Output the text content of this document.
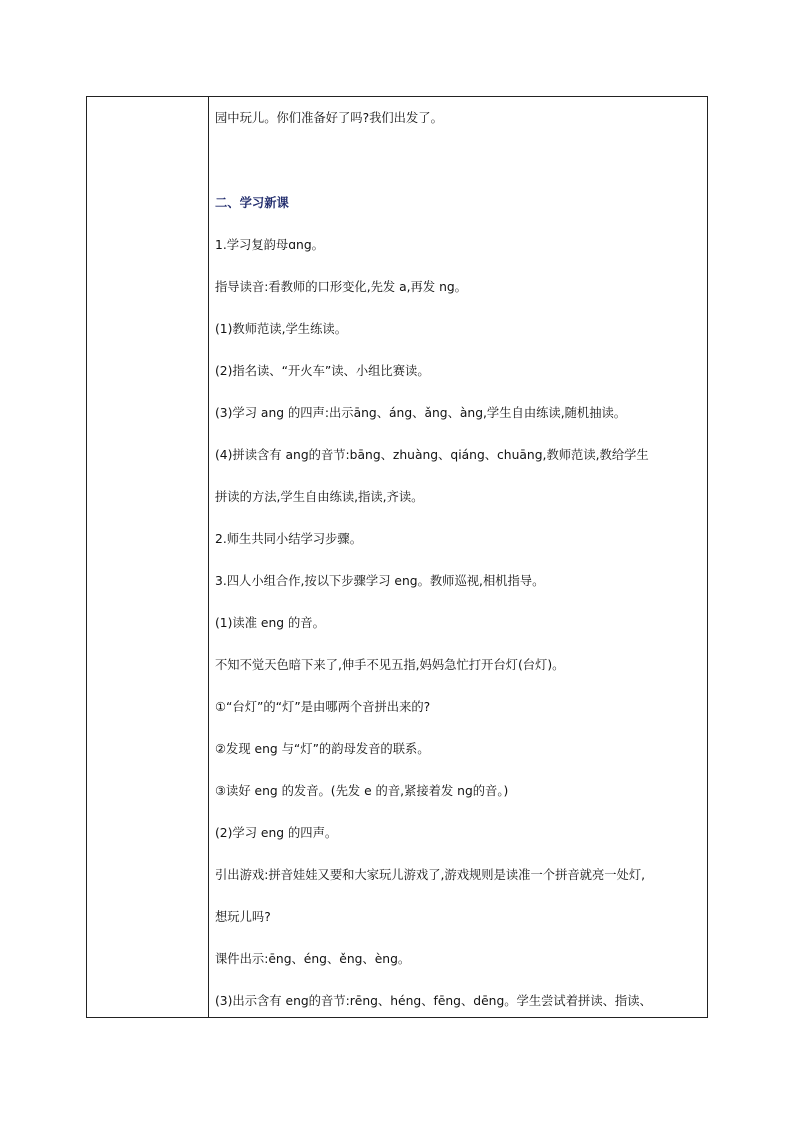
园中玩儿。你们准备好了吗?我们出发了。
二、学习新课
1.学习复韵母ɑng。
指导读音:看教师的口形变化,先发 a,再发 ng。
(1)教师范读,学生练读。
(2)指名读、“开火车”读、小组比赛读。
(3)学习 ang 的四声:出示āng、áng、ǎng、àng,学生自由练读,随机抽读。
(4)拼读含有 ang的音节:bāng、zhuàng、qiáng、chuāng,教师范读,教给学生
拼读的方法,学生自由练读,指读,齐读。
2.师生共同小结学习步骤。
3.四人小组合作,按以下步骤学习 eng。教师巡视,相机指导。
(1)读准 eng 的音。
不知不觉天色暗下来了,伸手不见五指,妈妈急忙打开台灯(台灯)。
①“台灯”的“灯”是由哪两个音拼出来的?
②发现 eng 与“灯”的韵母发音的联系。
③读好 eng 的发音。(先发 e 的音,紧接着发 ng的音。)
(2)学习 eng 的四声。
引出游戏:拼音娃娃又要和大家玩儿游戏了,游戏规则是读准一个拼音就亮一处灯,
想玩儿吗?
课件出示:ēng、éng、ěng、èng。
(3)出示含有 eng的音节:rēng、héng、fēng、dēng。学生尝试着拼读、指读、
